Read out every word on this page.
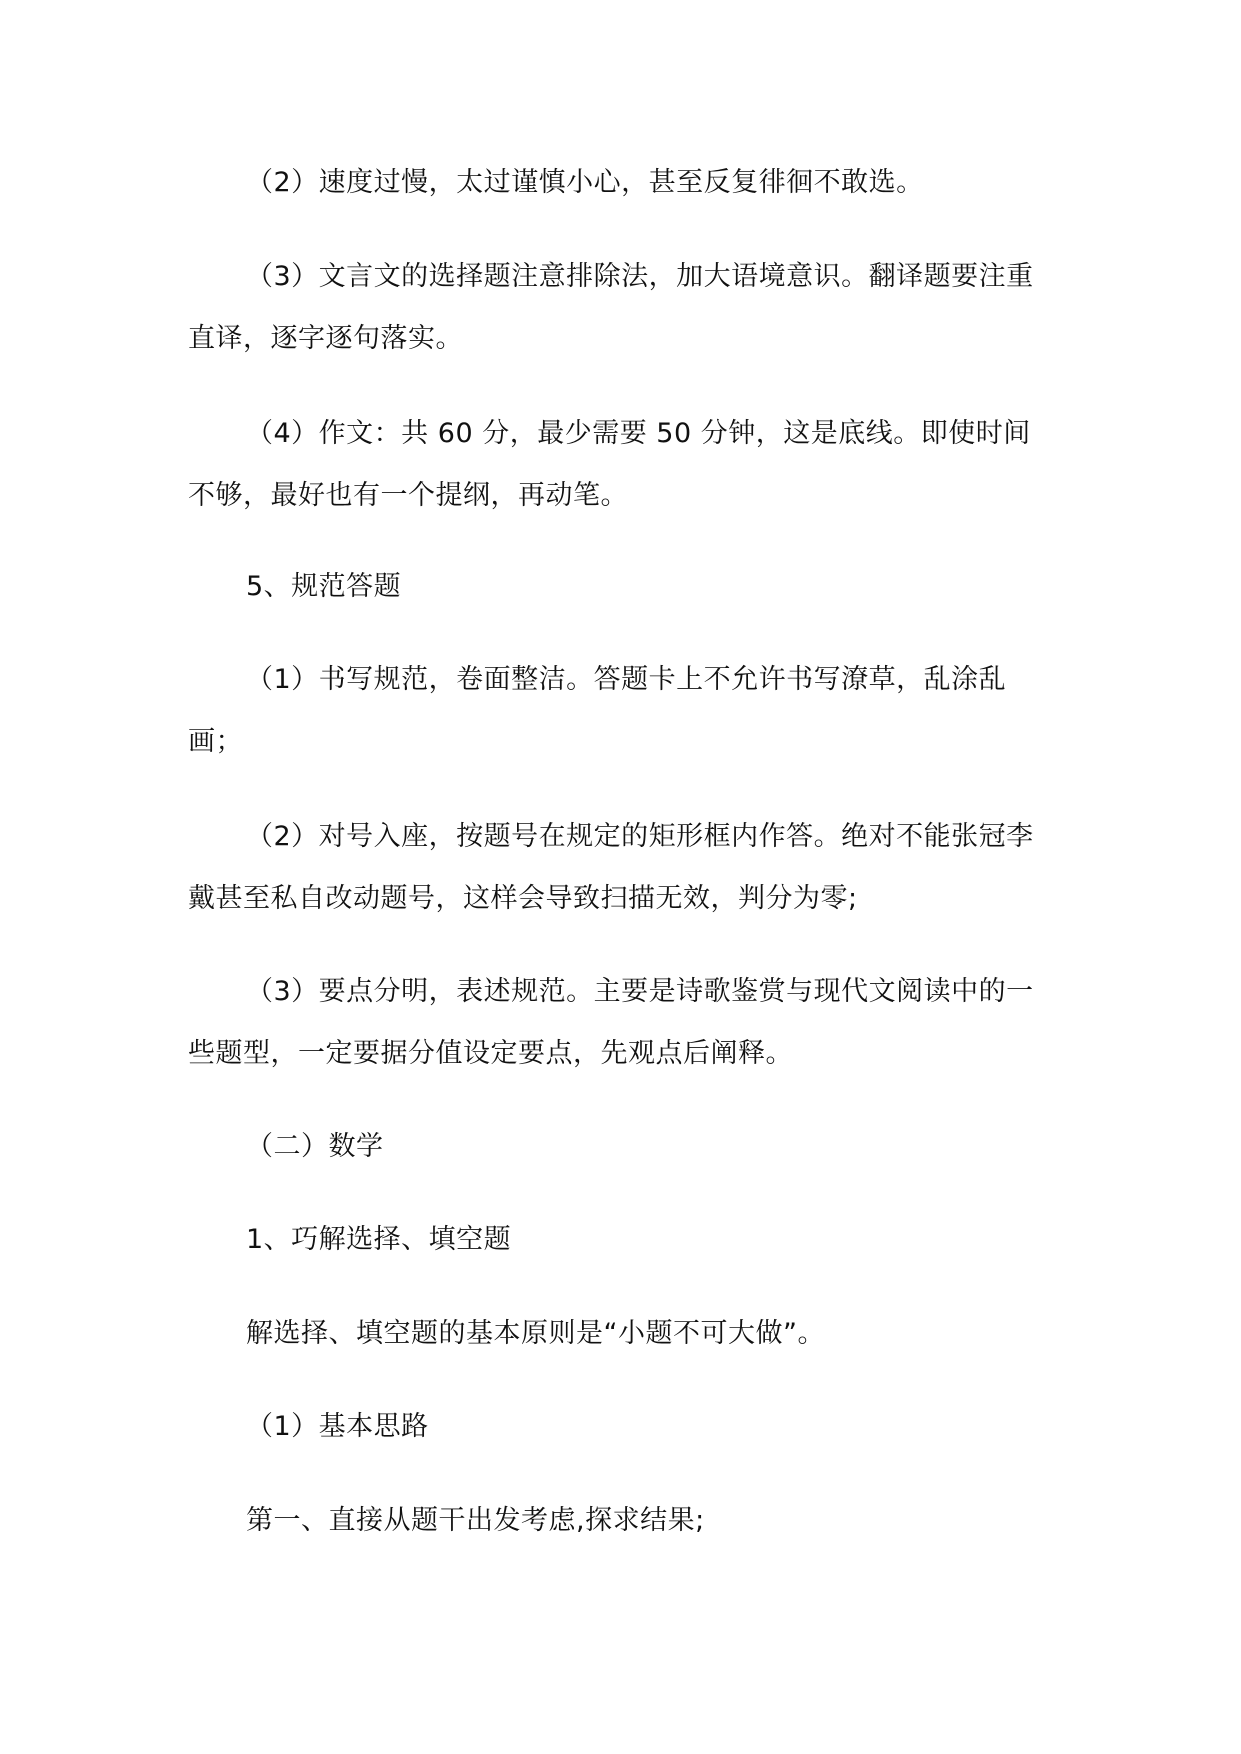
（2）速度过慢，太过谨慎小心，甚至反复徘徊不敢选。

（3）文言文的选择题注意排除法，加大语境意识。翻译题要注重直译，逐字逐句落实。

（4）作文：共 60 分，最少需要 50 分钟，这是底线。即使时间不够，最好也有一个提纲，再动笔。

5、规范答题

（1）书写规范，卷面整洁。答题卡上不允许书写潦草，乱涂乱画；

（2）对号入座，按题号在规定的矩形框内作答。绝对不能张冠李戴甚至私自改动题号，这样会导致扫描无效，判分为零;

（3）要点分明，表述规范。主要是诗歌鉴赏与现代文阅读中的一些题型，一定要据分值设定要点，先观点后阐释。

（二）数学

1、巧解选择、填空题

解选择、填空题的基本原则是“小题不可大做”。

（1）基本思路

第一、直接从题干出发考虑,探求结果;
